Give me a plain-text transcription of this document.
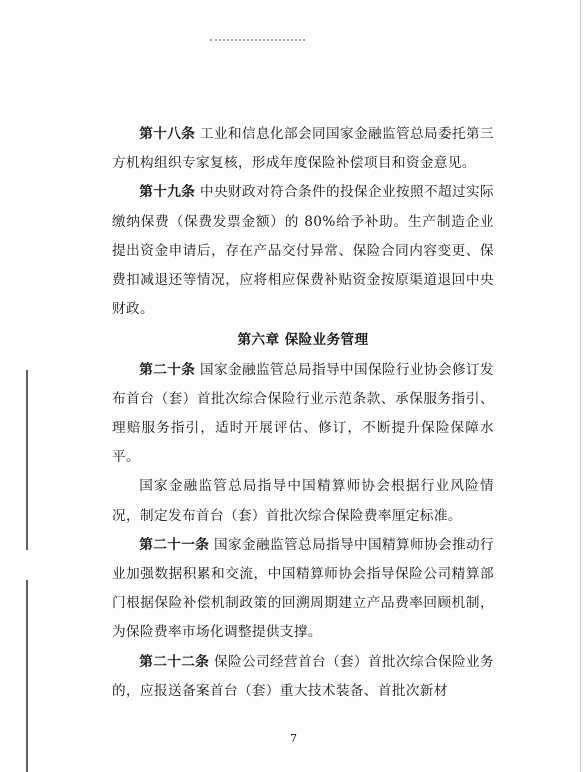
第十八条 工业和信息化部会同国家金融监管总局委托第三方机构组织专家复核，形成年度保险补偿项目和资金意见。

第十九条 中央财政对符合条件的投保企业按照不超过实际缴纳保费（保费发票金额）的 80%给予补助。生产制造企业提出资金申请后，存在产品交付异常、保险合同内容变更、保费扣减退还等情况，应将相应保费补贴资金按原渠道退回中央财政。

第六章 保险业务管理

第二十条 国家金融监管总局指导中国保险行业协会修订发布首台（套）首批次综合保险行业示范条款、承保服务指引、理赔服务指引，适时开展评估、修订，不断提升保险保障水平。

国家金融监管总局指导中国精算师协会根据行业风险情况，制定发布首台（套）首批次综合保险费率厘定标准。

第二十一条 国家金融监管总局指导中国精算师协会推动行业加强数据积累和交流，中国精算师协会指导保险公司精算部门根据保险补偿机制政策的回溯周期建立产品费率回顾机制，为保险费率市场化调整提供支撑。

第二十二条 保险公司经营首台（套）首批次综合保险业务的，应报送备案首台（套）重大技术装备、首批次新材

7
